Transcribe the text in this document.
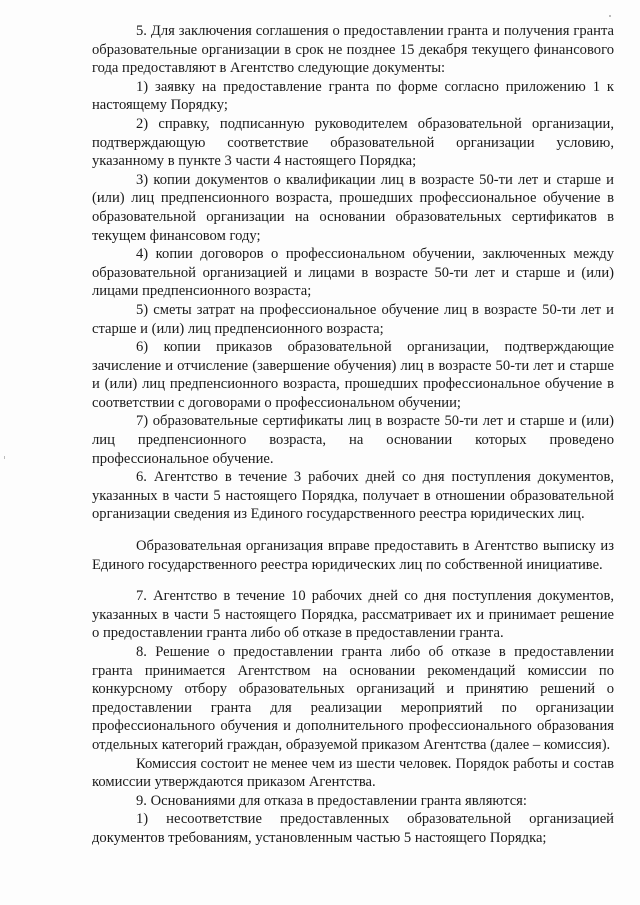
5. Для заключения соглашения о предоставлении гранта и получения гранта образовательные организации в срок не позднее 15 декабря текущего финансового года предоставляют в Агентство следующие документы:

1) заявку на предоставление гранта по форме согласно приложению 1 к настоящему Порядку;

2) справку, подписанную руководителем образовательной организации, подтверждающую соответствие образовательной организации условию, указанному в пункте 3 части 4 настоящего Порядка;

3) копии документов о квалификации лиц в возрасте 50-ти лет и старше и (или) лиц предпенсионного возраста, прошедших профессиональное обучение в образовательной организации на основании образовательных сертификатов в текущем финансовом году;

4) копии договоров о профессиональном обучении, заключенных между образовательной организацией и лицами в возрасте 50-ти лет и старше и (или) лицами предпенсионного возраста;

5) сметы затрат на профессиональное обучение лиц в возрасте 50-ти лет и старше и (или) лиц предпенсионного возраста;

6) копии приказов образовательной организации, подтверждающие зачисление и отчисление (завершение обучения) лиц в возрасте 50-ти лет и старше и (или) лиц предпенсионного возраста, прошедших профессиональное обучение в соответствии с договорами о профессиональном обучении;

7) образовательные сертификаты лиц в возрасте 50-ти лет и старше и (или) лиц предпенсионного возраста, на основании которых проведено профессиональное обучение.

6. Агентство в течение 3 рабочих дней со дня поступления документов, указанных в части 5 настоящего Порядка, получает в отношении образовательной организации сведения из Единого государственного реестра юридических лиц.

Образовательная организация вправе предоставить в Агентство выписку из Единого государственного реестра юридических лиц по собственной инициативе.

7. Агентство в течение 10 рабочих дней со дня поступления документов, указанных в части 5 настоящего Порядка, рассматривает их и принимает решение о предоставлении гранта либо об отказе в предоставлении гранта.

8. Решение о предоставлении гранта либо об отказе в предоставлении гранта принимается Агентством на основании рекомендаций комиссии по конкурсному отбору образовательных организаций и принятию решений о предоставлении гранта для реализации мероприятий по организации профессионального обучения и дополнительного профессионального образования отдельных категорий граждан, образуемой приказом Агентства (далее – комиссия).

Комиссия состоит не менее чем из шести человек. Порядок работы и состав комиссии утверждаются приказом Агентства.

9. Основаниями для отказа в предоставлении гранта являются:

1) несоответствие предоставленных образовательной организацией документов требованиям, установленным частью 5 настоящего Порядка;
